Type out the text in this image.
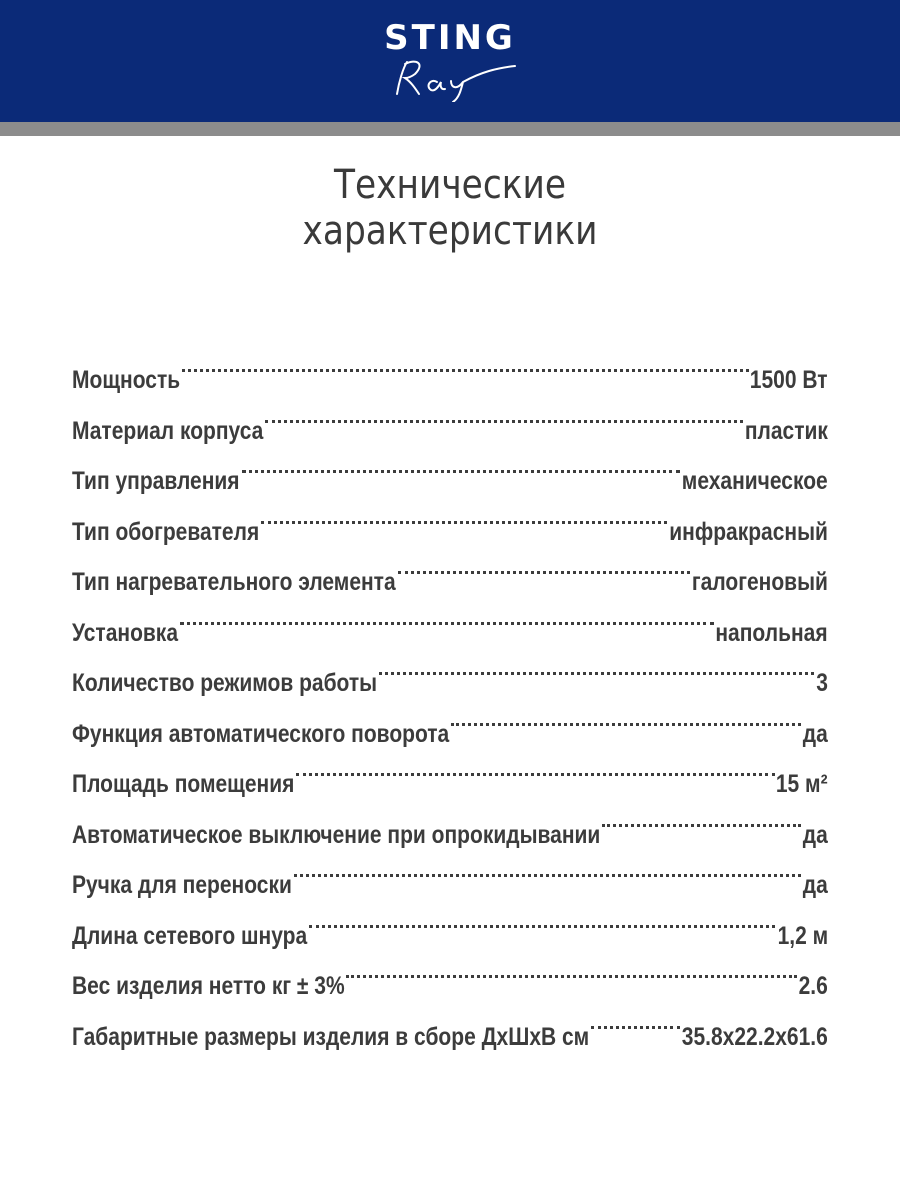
STING
Технические
характеристики
Мощность	1500 Вт
Материал корпуса	пластик
Тип управления	механическое
Тип обогревателя	инфракрасный
Тип нагревательного элемента	галогеновый
Установка	напольная
Количество режимов работы	3
Функция автоматического поворота	да
Площадь помещения	15 м²
Автоматическое выключение при опрокидывании	да
Ручка для переноски	да
Длина сетевого шнура	1,2 м
Вес изделия нетто кг ± 3%	2.6
Габаритные размеры изделия в сборе ДхШхВ см	35.8x22.2x61.6
